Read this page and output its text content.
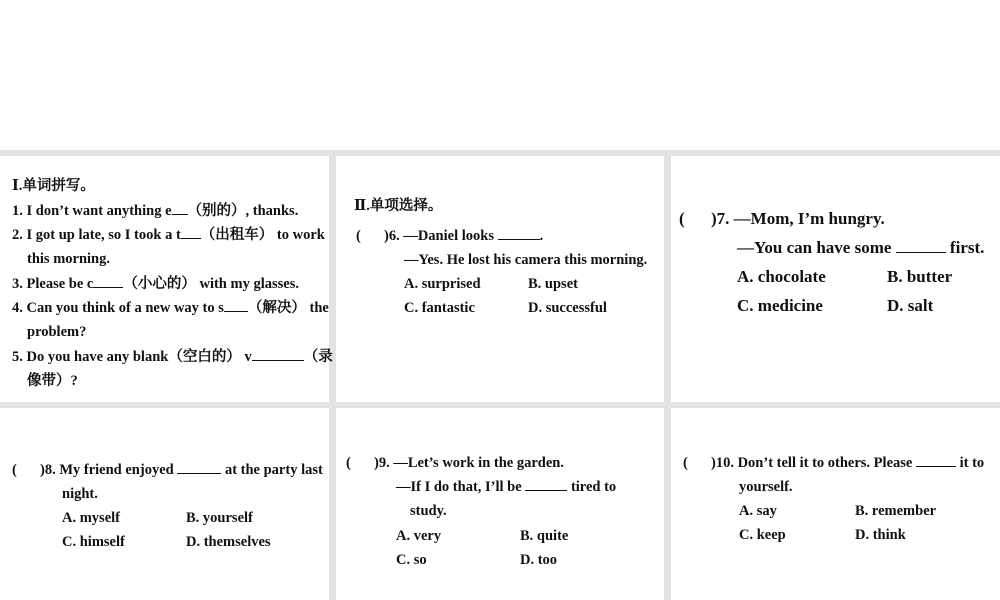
Ⅰ.单词拼写。
1. I don’t want anything e （别的）, thanks.
2. I got up late, so I took a t （出租车） to work
this morning.
3. Please be c （小心的） with my glasses.
4. Can you think of a new way to s （解决） the
problem?
5. Do you have any blank（空白的） v	（录
像带）?
Ⅱ.单项选择。
( )6. —Daniel looks	.
—Yes. He lost his camera this morning.
A. surprised	B. upset
C. fantastic	D. successful
( )7. —Mom, I’m hungry.
—You can have some	first.
A. chocolate	B. butter
C. medicine	D. salt
( )8. My friend enjoyed	at the party last
night.
A. myself	B. yourself
C. himself	D. themselves
( )9. —Let’s work in the garden.
—If I do that, I’ll be	tired to
study.
A. very	B. quite
C. so	D. too
( )10. Don’t tell it to others. Please	it to
yourself.
A. say	B. remember
C. keep	D. think
